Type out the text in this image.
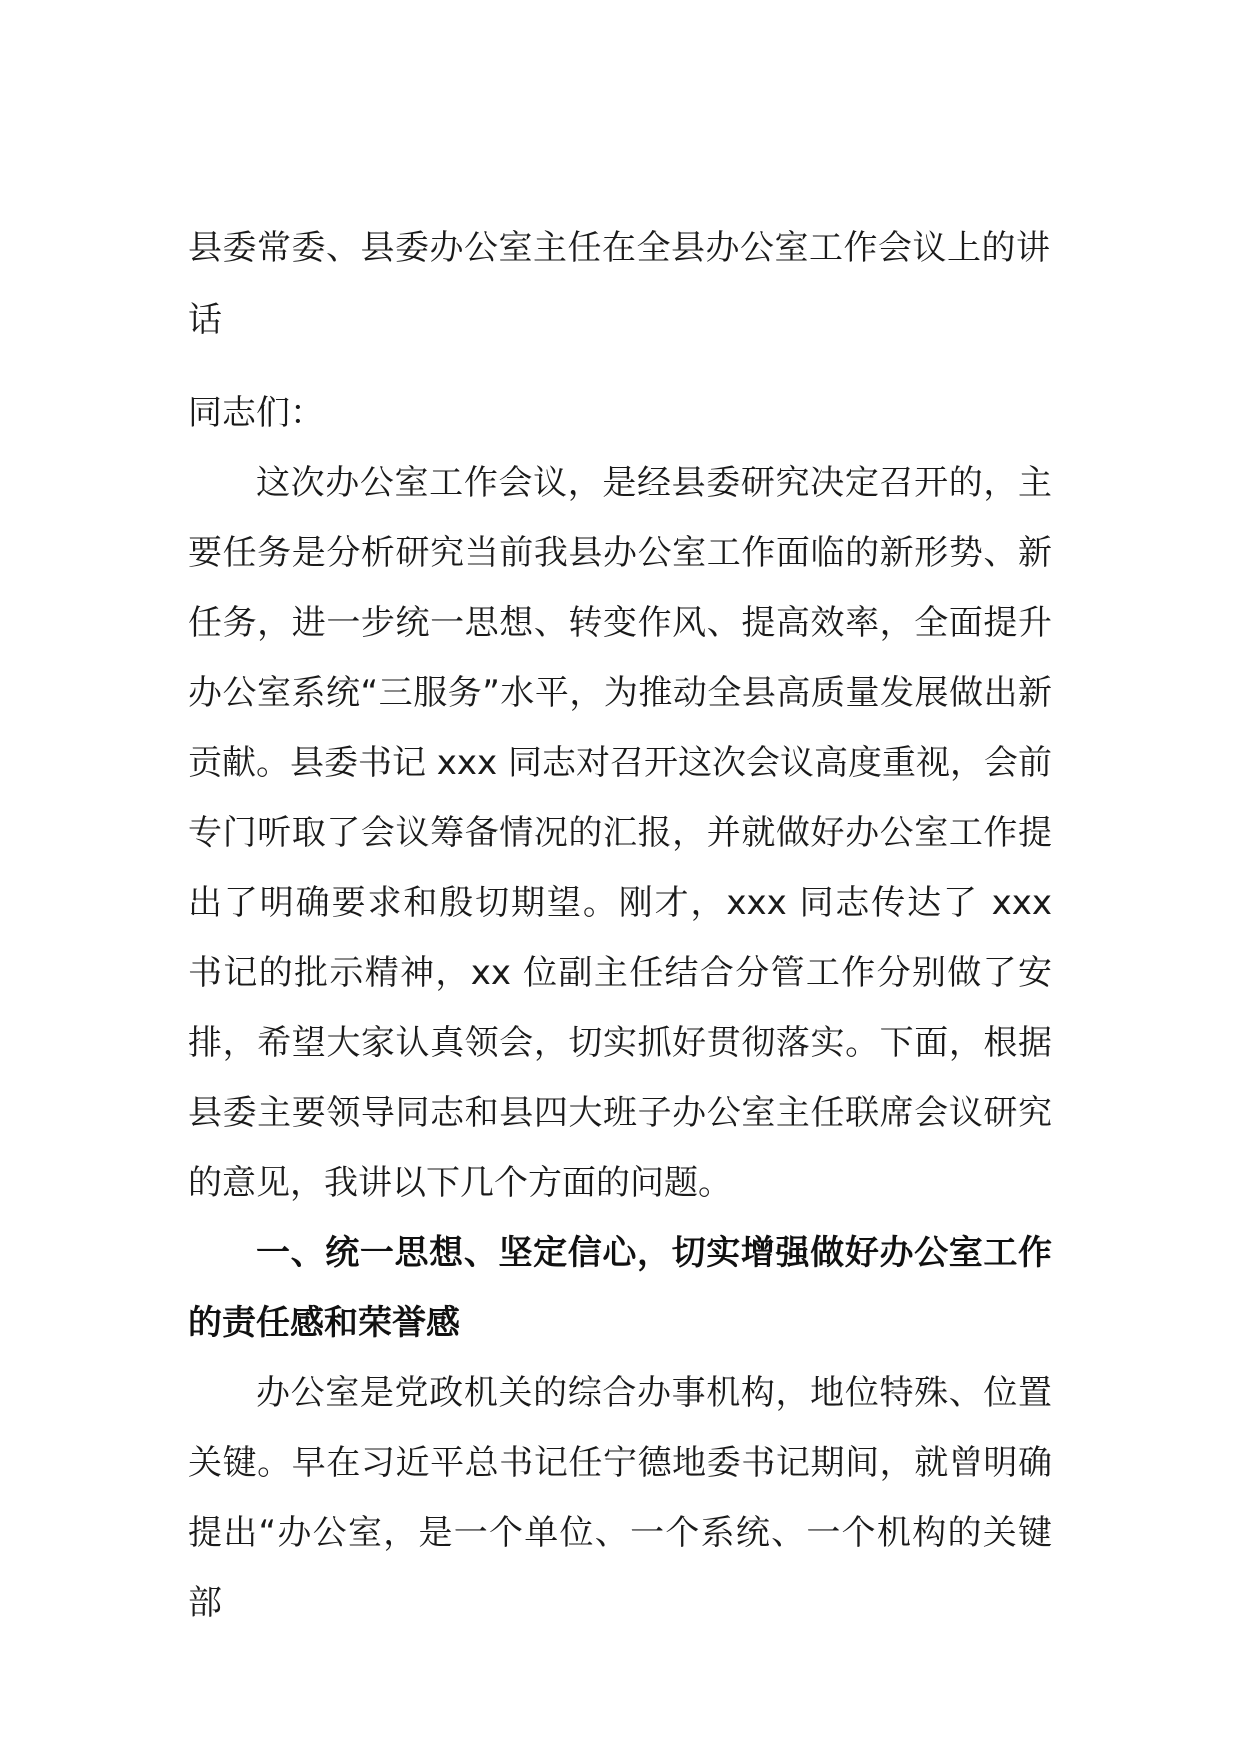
县委常委、县委办公室主任在全县办公室工作会议上的讲话

同志们：

这次办公室工作会议，是经县委研究决定召开的，主要任务是分析研究当前我县办公室工作面临的新形势、新任务，进一步统一思想、转变作风、提高效率，全面提升办公室系统“三服务”水平，为推动全县高质量发展做出新贡献。县委书记 xxx 同志对召开这次会议高度重视，会前专门听取了会议筹备情况的汇报，并就做好办公室工作提出了明确要求和殷切期望。刚才，xxx 同志传达了 xxx 书记的批示精神，xx 位副主任结合分管工作分别做了安排，希望大家认真领会，切实抓好贯彻落实。下面，根据县委主要领导同志和县四大班子办公室主任联席会议研究的意见，我讲以下几个方面的问题。

一、统一思想、坚定信心，切实增强做好办公室工作的责任感和荣誉感

办公室是党政机关的综合办事机构，地位特殊、位置关键。早在习近平总书记任宁德地委书记期间，就曾明确提出“办公室，是一个单位、一个系统、一个机构的关键部
